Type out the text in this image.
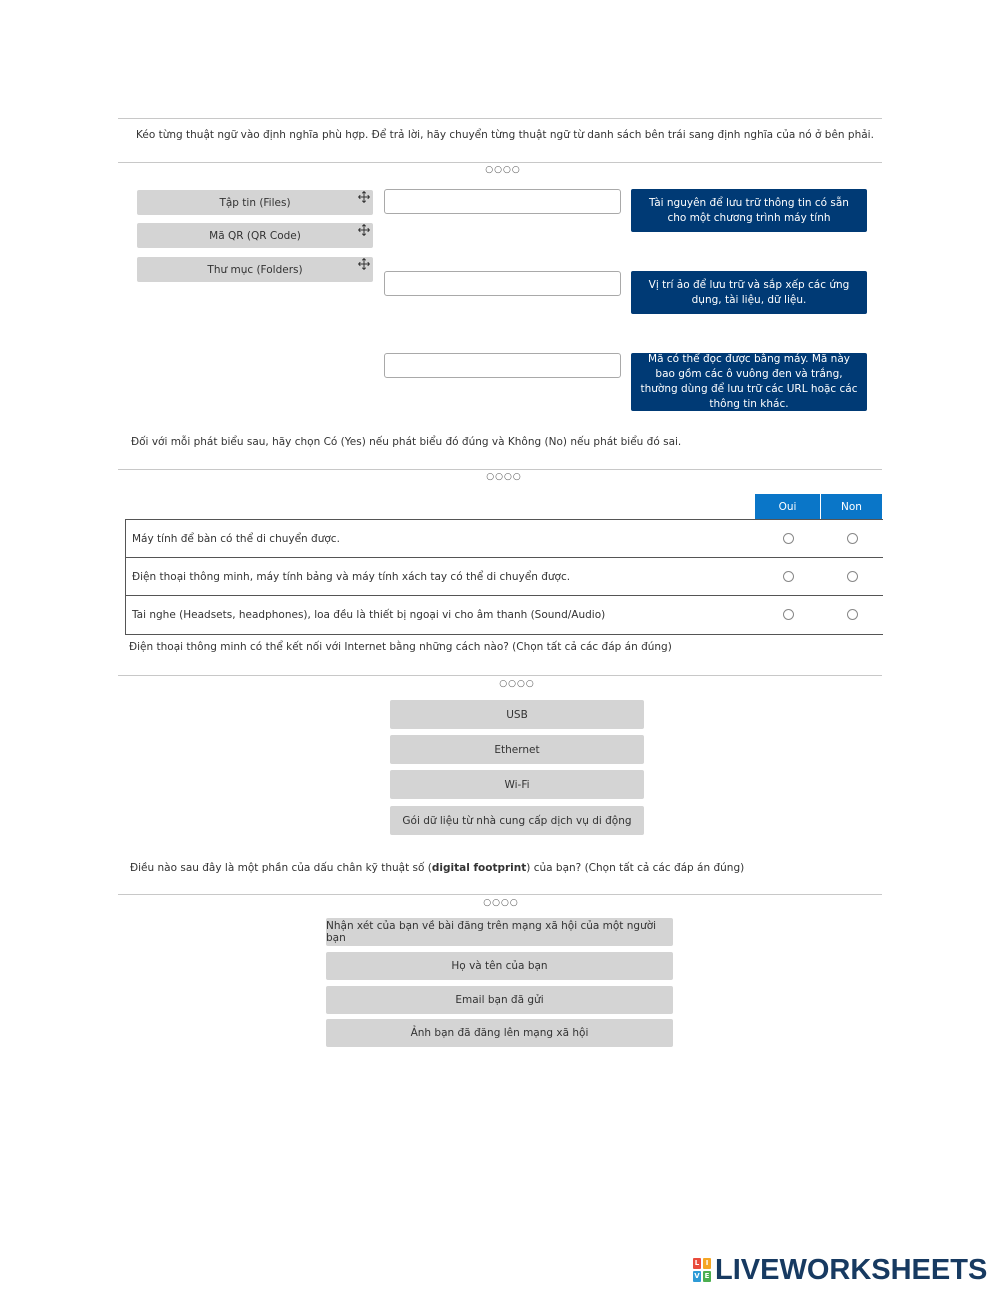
Kéo từng thuật ngữ vào định nghĩa phù hợp. Để trả lời, hãy chuyển từng thuật ngữ từ danh sách bên trái sang định nghĩa của nó ở bên phải.
○○○○
Tập tin (Files)
Mã QR (QR Code)
Thư mục (Folders)
Tài nguyên để lưu trữ thông tin có sẵn cho một chương trình máy tính
Vị trí ảo để lưu trữ và sắp xếp các ứng dụng, tài liệu, dữ liệu.
Mã có thể đọc được bằng máy. Mã này bao gồm các ô vuông đen và trắng, thường dùng để lưu trữ các URL hoặc các thông tin khác.
Đối với mỗi phát biểu sau, hãy chọn Có (Yes) nếu phát biểu đó đúng và Không (No) nếu phát biểu đó sai.
○○○○
Oui	Non
Máy tính để bàn có thể di chuyển được.
Điện thoại thông minh, máy tính bảng và máy tính xách tay có thể di chuyển được.
Tai nghe (Headsets, headphones), loa đều là thiết bị ngoại vi cho âm thanh (Sound/Audio)
Điện thoại thông minh có thể kết nối với Internet bằng những cách nào? (Chọn tất cả các đáp án đúng)
○○○○
USB
Ethernet
Wi-Fi
Gói dữ liệu từ nhà cung cấp dịch vụ di động
Điều nào sau đây là một phần của dấu chân kỹ thuật số (digital footprint) của bạn? (Chọn tất cả các đáp án đúng)
○○○○
Nhận xét của bạn về bài đăng trên mạng xã hội của một người bạn
Họ và tên của bạn
Email bạn đã gửi
Ảnh bạn đã đăng lên mạng xã hội
L I
V E LIVEWORKSHEETS
